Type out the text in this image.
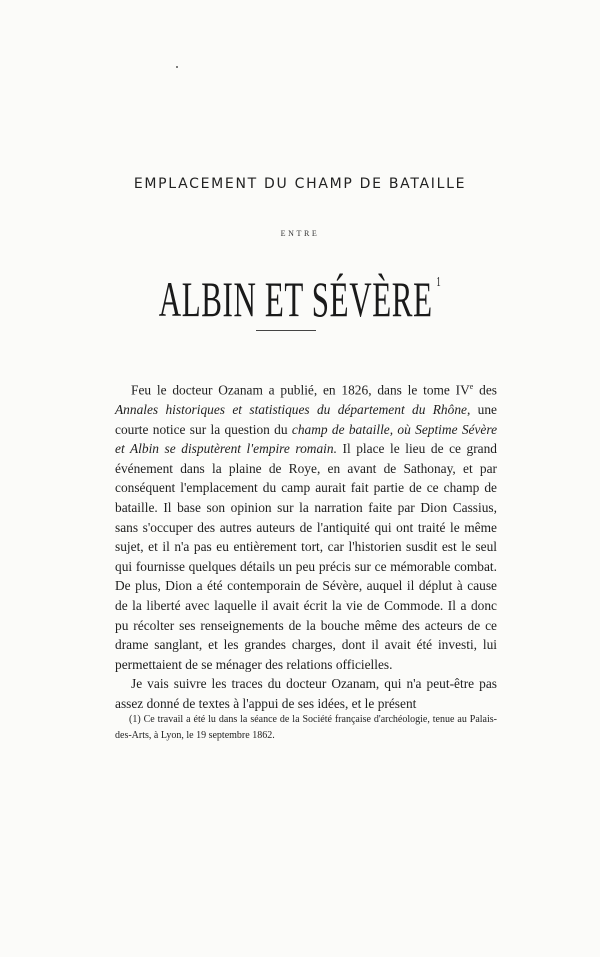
EMPLACEMENT DU CHAMP DE BATAILLE
ENTRE
ALBIN ET SÉVÈRE $^1$

Feu le docteur Ozanam a publié, en 1826, dans le tome IVe des Annales historiques et statistiques du département du Rhône, une courte notice sur la question du champ de bataille, où Septime Sévère et Albin se disputèrent l'empire romain. Il place le lieu de ce grand événement dans la plaine de Roye, en avant de Sathonay, et par conséquent l'emplacement du camp aurait fait partie de ce champ de bataille. Il base son opinion sur la narration faite par Dion Cassius, sans s'occuper des autres auteurs de l'antiquité qui ont traité le même sujet, et il n'a pas eu entièrement tort, car l'historien susdit est le seul qui fournisse quelques détails un peu précis sur ce mémorable combat. De plus, Dion a été contemporain de Sévère, auquel il déplut à cause de la liberté avec laquelle il avait écrit la vie de Commode. Il a donc pu récolter ses renseignements de la bouche même des acteurs de ce drame sanglant, et les grandes charges, dont il avait été investi, lui permettaient de se ménager des relations officielles.

Je vais suivre les traces du docteur Ozanam, qui n'a peut-être pas assez donné de textes à l'appui de ses idées, et le présent

(1) Ce travail a été lu dans la séance de la Société française d'archéologie, tenue au Palais-des-Arts, à Lyon, le 19 septembre 1862.
